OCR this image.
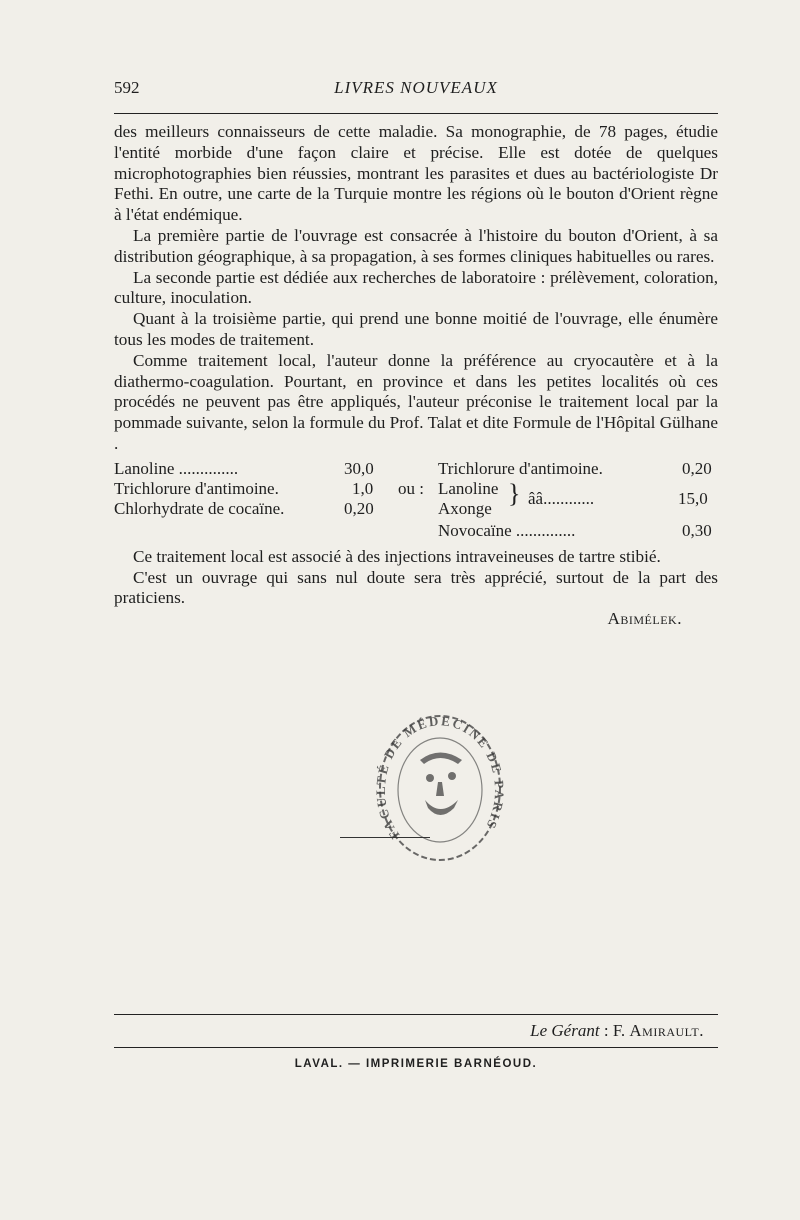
592	LIVRES NOUVEAUX

des meilleurs connaisseurs de cette maladie. Sa monographie, de 78 pages, étudie l'entité morbide d'une façon claire et précise. Elle est dotée de quelques microphotographies bien réussies, montrant les parasites et dues au bactériologiste Dr Fethi. En outre, une carte de la Turquie montre les régions où le bouton d'Orient règne à l'état endémique.

La première partie de l'ouvrage est consacrée à l'histoire du bouton d'Orient, à sa distribution géographique, à sa propagation, à ses formes cliniques habituelles ou rares.

La seconde partie est dédiée aux recherches de laboratoire : prélèvement, coloration, culture, inoculation.

Quant à la troisième partie, qui prend une bonne moitié de l'ouvrage, elle énumère tous les modes de traitement.

Comme traitement local, l'auteur donne la préférence au cryocautère et à la diathermo-coagulation. Pourtant, en province et dans les petites localités où ces procédés ne peuvent pas être appliqués, l'auteur préconise le traitement local par la pommade suivante, selon la formule du Prof. Talat et dite Formule de l'Hôpital Gülhane .

Lanoline ..............	30,0
Trichlorure d'antimoine.	1,0 ou :
Chlorhydrate de cocaïne.	0,20
Trichlorure d'antimoine.	0,20
Lanoline
Axonge
} ââ............	15,0
Novocaïne ..............	0,30

Ce traitement local est associé à des injections intraveineuses de tartre stibié.

C'est un ouvrage qui sans nul doute sera très apprécié, surtout de la part des praticiens.

Abimélek.
FACULTÉ DE MÉDECINE DE PARIS
Le Gérant : F. Amirault.
LAVAL. — IMPRIMERIE BARNÉOUD.
